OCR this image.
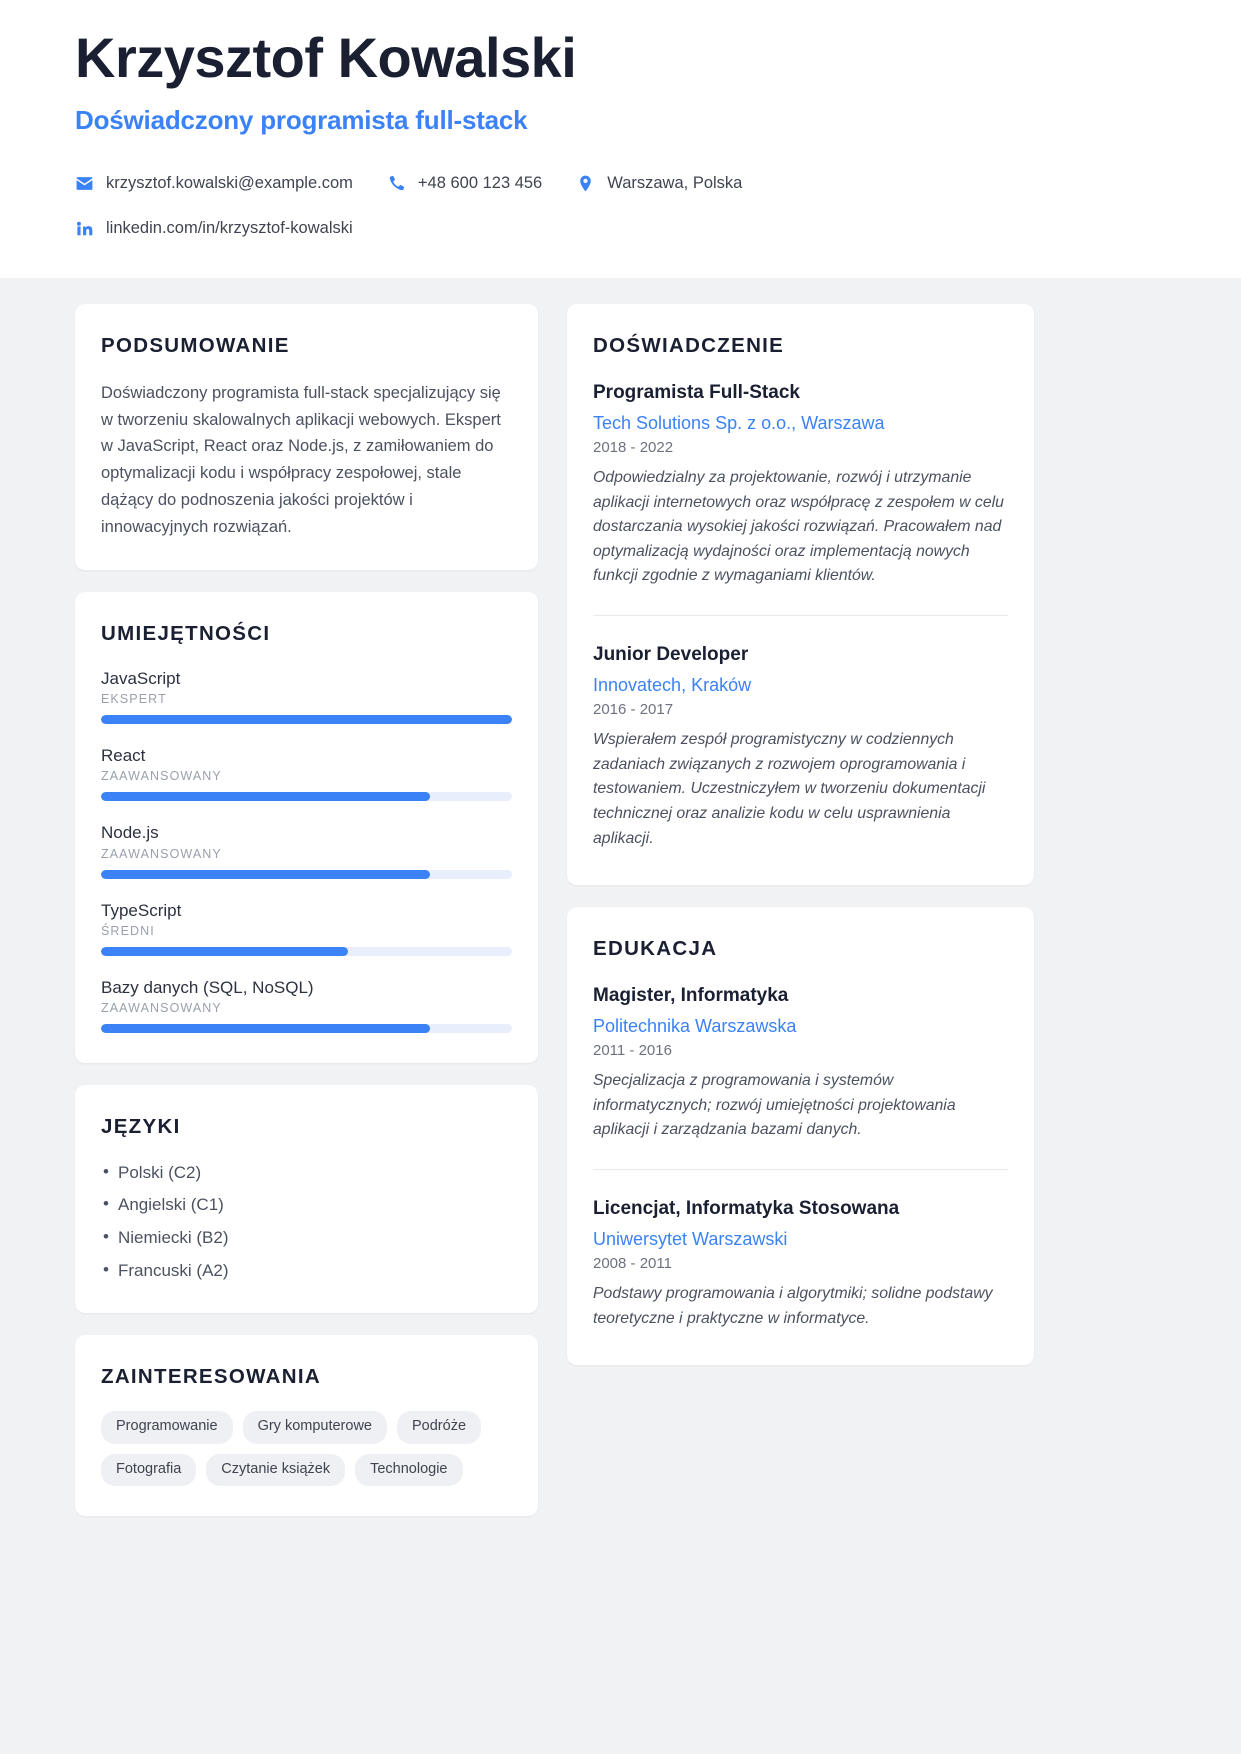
Krzysztof Kowalski
Doświadczony programista full-stack
krzysztof.kowalski@example.com	+48 600 123 456	Warszawa, Polska
linkedin.com/in/krzysztof-kowalski
PODSUMOWANIE
Doświadczony programista full-stack specjalizujący się w tworzeniu skalowalnych aplikacji webowych. Ekspert w JavaScript, React oraz Node.js, z zamiłowaniem do optymalizacji kodu i współpracy zespołowej, stale dążący do podnoszenia jakości projektów i innowacyjnych rozwiązań.
UMIEJĘTNOŚCI
JavaScript
EKSPERT
React
ZAAWANSOWANY
Node.js
ZAAWANSOWANY
TypeScript
ŚREDNI
Bazy danych (SQL, NoSQL)
ZAAWANSOWANY
JĘZYKI
• Polski (C2)
• Angielski (C1)
• Niemiecki (B2)
• Francuski (A2)
ZAINTERESOWANIA
Programowanie	Gry komputerowe	Podróże
Fotografia	Czytanie książek	Technologie
DOŚWIADCZENIE
Programista Full-Stack
Tech Solutions Sp. z o.o., Warszawa
2018 - 2022
Odpowiedzialny za projektowanie, rozwój i utrzymanie aplikacji internetowych oraz współpracę z zespołem w celu dostarczania wysokiej jakości rozwiązań. Pracowałem nad optymalizacją wydajności oraz implementacją nowych funkcji zgodnie z wymaganiami klientów.
Junior Developer
Innovatech, Kraków
2016 - 2017
Wspierałem zespół programistyczny w codziennych zadaniach związanych z rozwojem oprogramowania i testowaniem. Uczestniczyłem w tworzeniu dokumentacji technicznej oraz analizie kodu w celu usprawnienia aplikacji.
EDUKACJA
Magister, Informatyka
Politechnika Warszawska
2011 - 2016
Specjalizacja z programowania i systemów informatycznych; rozwój umiejętności projektowania aplikacji i zarządzania bazami danych.
Licencjat, Informatyka Stosowana
Uniwersytet Warszawski
2008 - 2011
Podstawy programowania i algorytmiki; solidne podstawy teoretyczne i praktyczne w informatyce.
